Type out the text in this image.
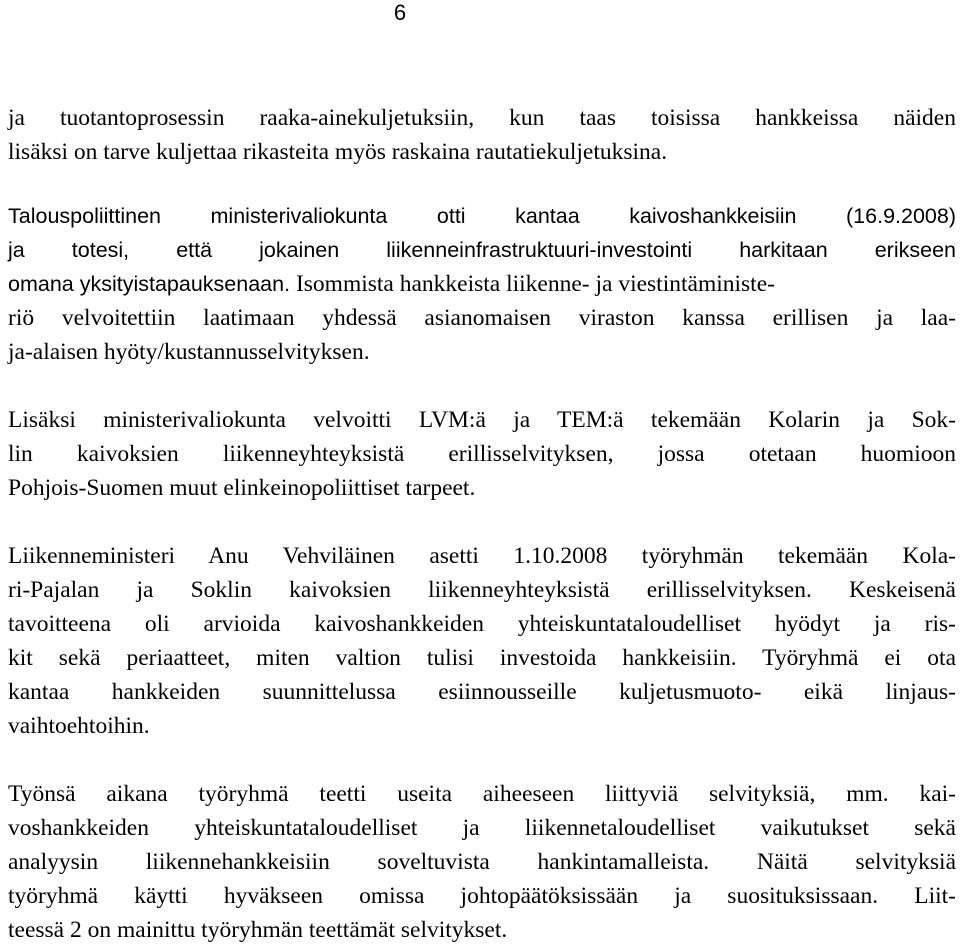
6
ja tuotantoprosessin raaka-ainekuljetuksiin, kun taas toisissa hankkeissa näiden
lisäksi on tarve kuljettaa rikasteita myös raskaina rautatiekuljetuksina.
Talouspoliittinen ministerivaliokunta otti kantaa kaivoshankkeisiin (16.9.2008)
ja totesi, että jokainen liikenneinfrastruktuuri-investointi harkitaan erikseen
omana yksityistapauksenaan. Isommista hankkeista liikenne- ja viestintäministe-
riö velvoitettiin laatimaan yhdessä asianomaisen viraston kanssa erillisen ja laa-
ja-alaisen hyöty/kustannusselvityksen.
Lisäksi ministerivaliokunta velvoitti LVM:ä ja TEM:ä tekemään Kolarin ja Sok-
lin kaivoksien liikenneyhteyksistä erillisselvityksen, jossa otetaan huomioon
Pohjois-Suomen muut elinkeinopoliittiset tarpeet.
Liikenneministeri Anu Vehviläinen asetti 1.10.2008 työryhmän tekemään Kola-
ri-Pajalan ja Soklin kaivoksien liikenneyhteyksistä erillisselvityksen. Keskeisenä
tavoitteena oli arvioida kaivoshankkeiden yhteiskuntataloudelliset hyödyt ja ris-
kit sekä periaatteet, miten valtion tulisi investoida hankkeisiin. Työryhmä ei ota
kantaa hankkeiden suunnittelussa esiinnousseille kuljetusmuoto- eikä linjaus-
vaihtoehtoihin.
Työnsä aikana työryhmä teetti useita aiheeseen liittyviä selvityksiä, mm. kai-
voshankkeiden yhteiskuntataloudelliset ja liikennetaloudelliset vaikutukset sekä
analyysin liikennehankkeisiin soveltuvista hankintamalleista. Näitä selvityksiä
työryhmä käytti hyväkseen omissa johtopäätöksissään ja suosituksissaan. Liit-
teessä 2 on mainittu työryhmän teettämät selvitykset.
